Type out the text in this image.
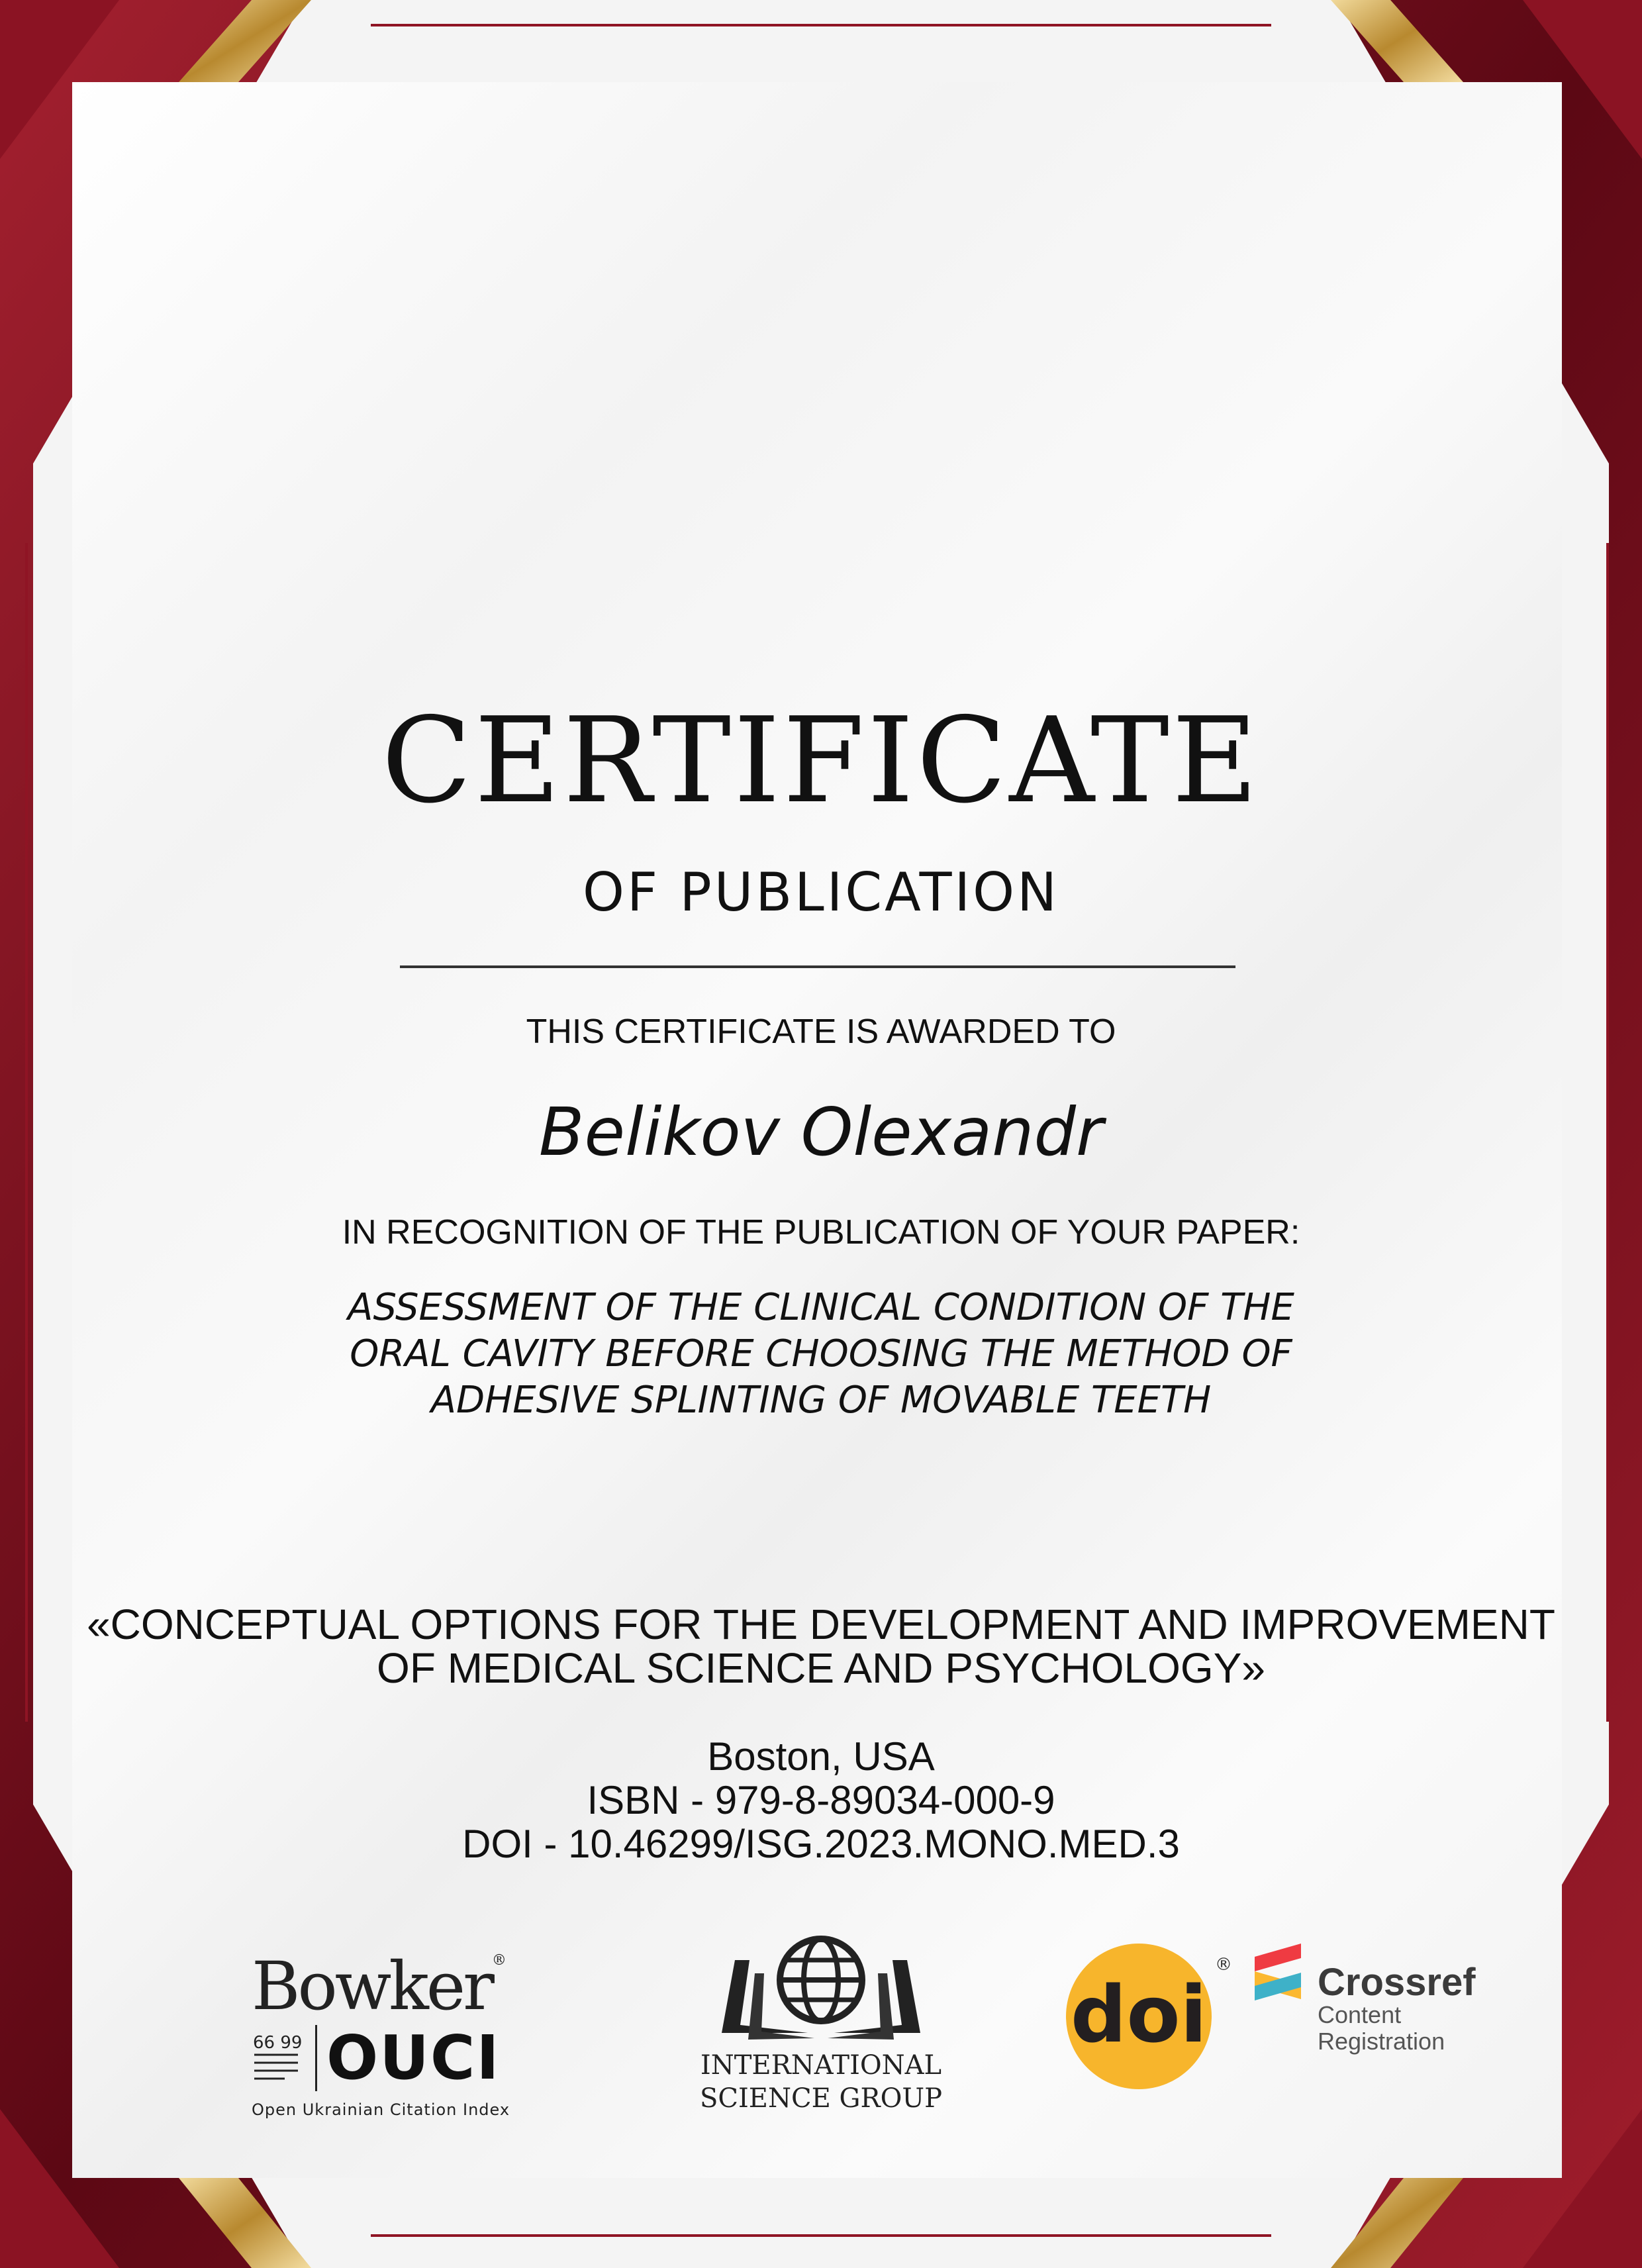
CERTIFICATE
OF PUBLICATION
THIS CERTIFICATE IS AWARDED TO
Belikov Olexandr
IN RECOGNITION OF THE PUBLICATION OF YOUR PAPER:
ASSESSMENT OF THE CLINICAL CONDITION OF THE
ORAL CAVITY BEFORE CHOOSING THE METHOD OF
ADHESIVE SPLINTING OF MOVABLE TEETH
«CONCEPTUAL OPTIONS FOR THE DEVELOPMENT AND IMPROVEMENT
OF MEDICAL SCIENCE AND PSYCHOLOGY»
Boston, USA
ISBN - 979-8-89034-000-9
DOI - 10.46299/ISG.2023.MONO.MED.3
Bowker®
66 99 OUCI
Open Ukrainian Citation Index
INTERNATIONAL
SCIENCE GROUP
doi
® Crossref
Content
Registration
